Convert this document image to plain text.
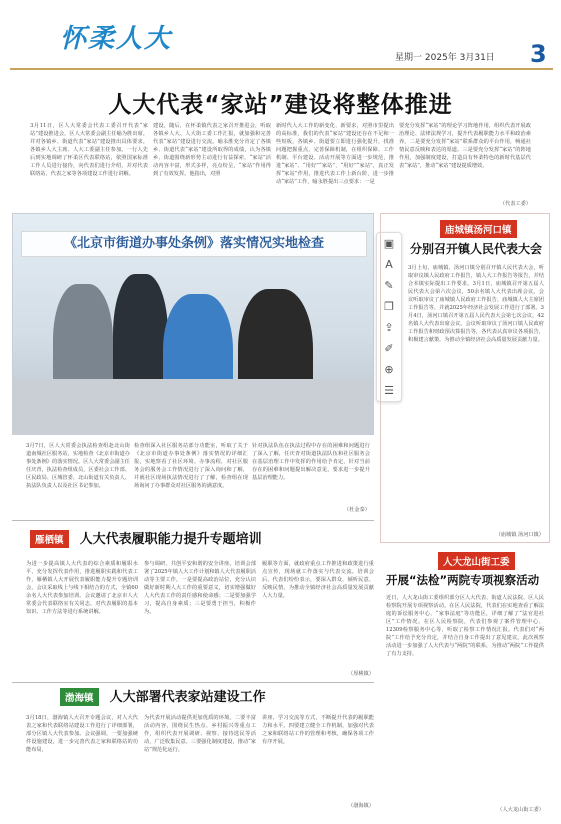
怀柔人大
星期一 2025年 3月31日 3
人大代表“家站”建设将整体推进
3月11日，区人大常委会代表工委召开代表“家站”建设推进会，区人大常委会副主任喻为胜出席。并对各镇乡、街道代表“家站”建设推出具体要求。各镇乡人大主席、人大工委副主任参加。一行人先后到实地调研了怀柔区代表联络站，依照国家标准工作人员进行接待，向代表们进行介绍，并对代表联络站、代表之家等各项建设工作进行讲解。
建设，随后，在怀柔镇代表之家召开推进会，听取各镇乡人大、人大街工委工作汇报，就加强和完善代表“家站”建设进行交流。喻永胜充分肯定了各镇乡、街道代表“家站”建设所取得的成绩，认为各镇乡、街道围绕新形势主动进行有益探索，“家站”活动内容丰富，形式多样，亮点纷呈，“家站”作用得到了有效发挥。他指出，对照
新时代人大工作的新变化、新要求，对照市里提出的高标准，我们的代表“家站”建设还存在不足和一些短板，各镇乡、街道要立即进行强化提升，找准问题把握重点，完善保障机制，在组织保障、工作机制、平台建设、活动开展等方面进一步规范，推进“家站”、“用好”“家站”、“用好”“家站”，真正发挥“家站”作用，推进代表工作上新台阶，进一步推动“家站”工作，喻永胜提出三点要求：一是
要充分发挥“家站”的理论学习阵地作用，组织代表开展政治理论、法律法规学习，提升代表履职能力水平和政治素养。二是要充分发挥“家站”联系群众的平台作用，畅通社情民意反映和表达的渠道。三是要充分发挥“家站”的阵地作用，加强制度建设，打造具有怀柔特色的新时代基层代表“家站”，推动“家站”建设提质增效。
（代表工委）
《北京市街道办事处条例》落实情况实地检查	▣
A
✎
❐
⇪
✐
⊕
☰
3月7日，区人大常委会执法检查组赴北山街道南城社区服务站，实地检查《北京市街道办事处条例》的落实情况。区人大常委会副主任任庆青，执法检查组成员，区委社会工作部、区民政局、区城管委、北山街道有关负责人、执法队负责人以及社区书记参加。
检查组深入社区服务站部分功能室，听取了关于《北京市街道办事处条例》落实情况的详细汇报，实地察看了社区环境、办事流程，对社区服务会的服务会工作情况进行了深入询问和了解，并就社区现场执法情况进行了了解，检查组在现场询问了办事群众对社区服务的满意度。
针对执法队伍在执法过程中存在的困难和问题进行了深入了解，任庆青对街道执法队伍和社区服务会在基层治理工作中发挥的作用给予肯定，针对当前存在的困难和问题提出解决意见，要求进一步提升基层治理能力。
（杜金泰）
雁栖镇 人大代表履职能力提升专题培训
为进一步提高镇人大代表的综合素质和履职水平，充分发挥代表作用，推进履职实践和代表工作，雁栖镇人大开展代表履职能力提升专题培训会，会议采取线上与线下相结合的方式，全镇60余名人大代表参加培训。会议邀请了北京市人大常委会代表联络室有关同志，对代表履职的基本知识、工作方法等进行系统讲解。
参与调研、共创平安和谐的安全讲座。培训会部署了2025年镇人大工作计划和镇人大代表履职活动等主要工作，一是要提高政治站位，充分认识做好新时期人大工作的重要意义，切实增强做好人大代表工作的责任感和使命感；二是要加强学习，提高自身素质；三是要勇于担当，积极作为。
履职等方面，就政府重点工作推进和政策进行重点宣传，现场就工作落实与代表交流。培训会后，代表们纷纷表示，要深入群众、倾听民意、反映民情，为推动全镇经济社会高质量发展贡献人大力量。
（厚桃镇）
渤海镇 人大部署代表家站建设工作
3月18日，渤海镇人大召开专题会议，对人大代表之家和代表联络站建设工作进行了详细部署，部分区镇人大代表参加。会议强调，一要加强硬件设施建设，进一步完善代表之家和联络站的功能布局，
为代表开展活动提供更加优质的环境。二要丰富活动内容，围绕民生热点、乡村振兴等重点工作，组织代表开展调研、视察、接待选民等活动，广泛收集民意。三要强化制度建设，推动“家站”规范化运行。
讲座、学习交流等方式，不断提升代表的履职能力和水平。四要建立健全工作机制，加强对代表之家和联络站工作的管理和考核，确保各项工作有序开展。
（渤海镇）
庙城镇汤河口镇
分别召开镇人民代表大会
3月上旬，庙城镇、汤河口镇分别召开镇人民代表大会，听取审议镇人民政府工作报告，镇人大工作报告等报告，并结合本镇实际提出工作要求。3月1日，庙城镇召开第五届人民代表大会第六次会议，50余名镇人大代表出席会议。会议听取审议了庙城镇人民政府工作报告，庙城镇人大主席团工作报告等，并就2025年经济社会发展工作进行了部署。3月4日，汤河口镇召开第五届人民代表大会第七次会议，42名镇人大代表出席会议。会议听取审议了汤河口镇人民政府工作报告和财政预决算报告等，各代表认真审议各项报告，积极建言献策，为推动全镇经济社会高质量发展贡献力量。
（庙城镇 汤河口镇）
人大龙山街工委
开展“法检”两院专项视察活动
近日，人大龙山街工委组织部分区人大代表、街道人民法院、区人民检察院开展专项视察活动。在区人民法院，代表们在实地查看了解法庭的诉讼服务中心、“家事法庭”等功能区，详细了解了“法官进社区”工作情况。在区人民检察院，代表们参观了案件管理中心、12309检察服务中心等，听取了检察工作情况汇报。代表们对“两院”工作给予充分肯定，并结合自身工作提出了意见建议。此次视察活动进一步加强了人大代表与“两院”的联系，为推动“两院”工作提供了有力支持。
（人大龙山街工委）
